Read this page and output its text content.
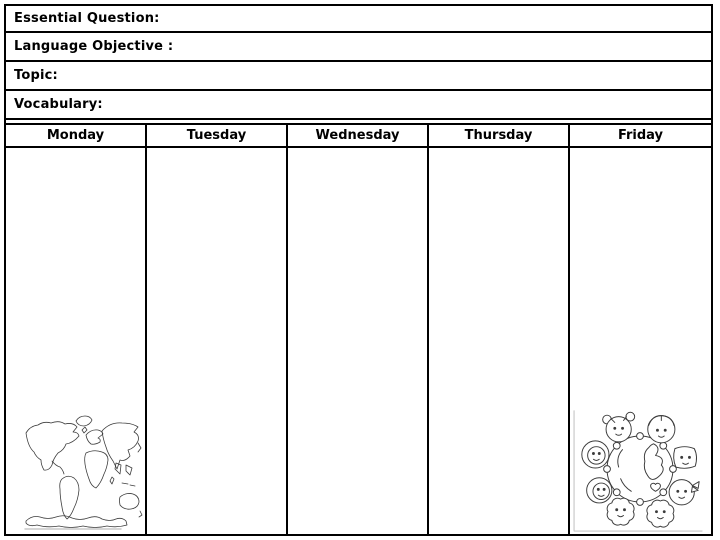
Essential Question:
Language Objective :
Topic:
Vocabulary:
Monday	Tuesday	Wednesday	Thursday	Friday
